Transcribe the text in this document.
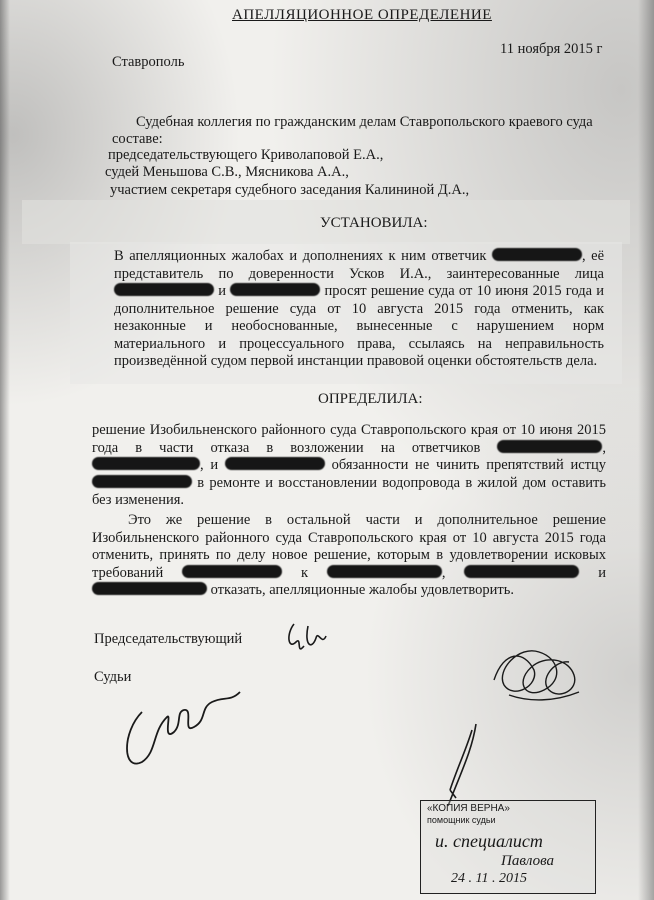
АПЕЛЛЯЦИОННОЕ ОПРЕДЕЛЕНИЕ
11 ноября 2015 г
Ставрополь
Судебная коллегия по гражданским делам Ставропольского краевого суда
составе:
председательствующего Криволаповой Е.А.,
судей Меньшова С.В., Мясникова А.А.,
участием секретаря судебного заседания Калининой Д.А.,
УСТАНОВИЛА:
В апелляционных жалобах и дополнениях к ним ответчик	, её представитель по доверенности Усков И.А., заинтересованные лица  и	просят решение суда от 10 июня 2015 года и дополнительное решение суда от 10 августа 2015 года отменить, как незаконные и необоснованные, вынесенные с нарушением норм материального и процессуального права, ссылаясь на неправильность произведённой судом первой инстанции правовой оценки обстоятельств дела.
ОПРЕДЕЛИЛА:
решение Изобильненского районного суда Ставропольского края от 10 июня 2015 года в части отказа в возложении на ответчиков	, , и	обязанности не чинить препятствий истцу  в ремонте и восстановлении водопровода в жилой дом оставить без изменения.
Это же решение в остальной части и дополнительное решение Изобильненского районного суда Ставропольского края от 10 августа 2015 года отменить, принять по делу новое решение, которым в удовлетворении исковых требований	к	,	и  отказать, апелляционные жалобы удовлетворить.
Председательствующий
Судьи
«КОПИЯ ВЕРНА»
помощник судьи
и. специалист
Павлова
24 . 11 . 2015
